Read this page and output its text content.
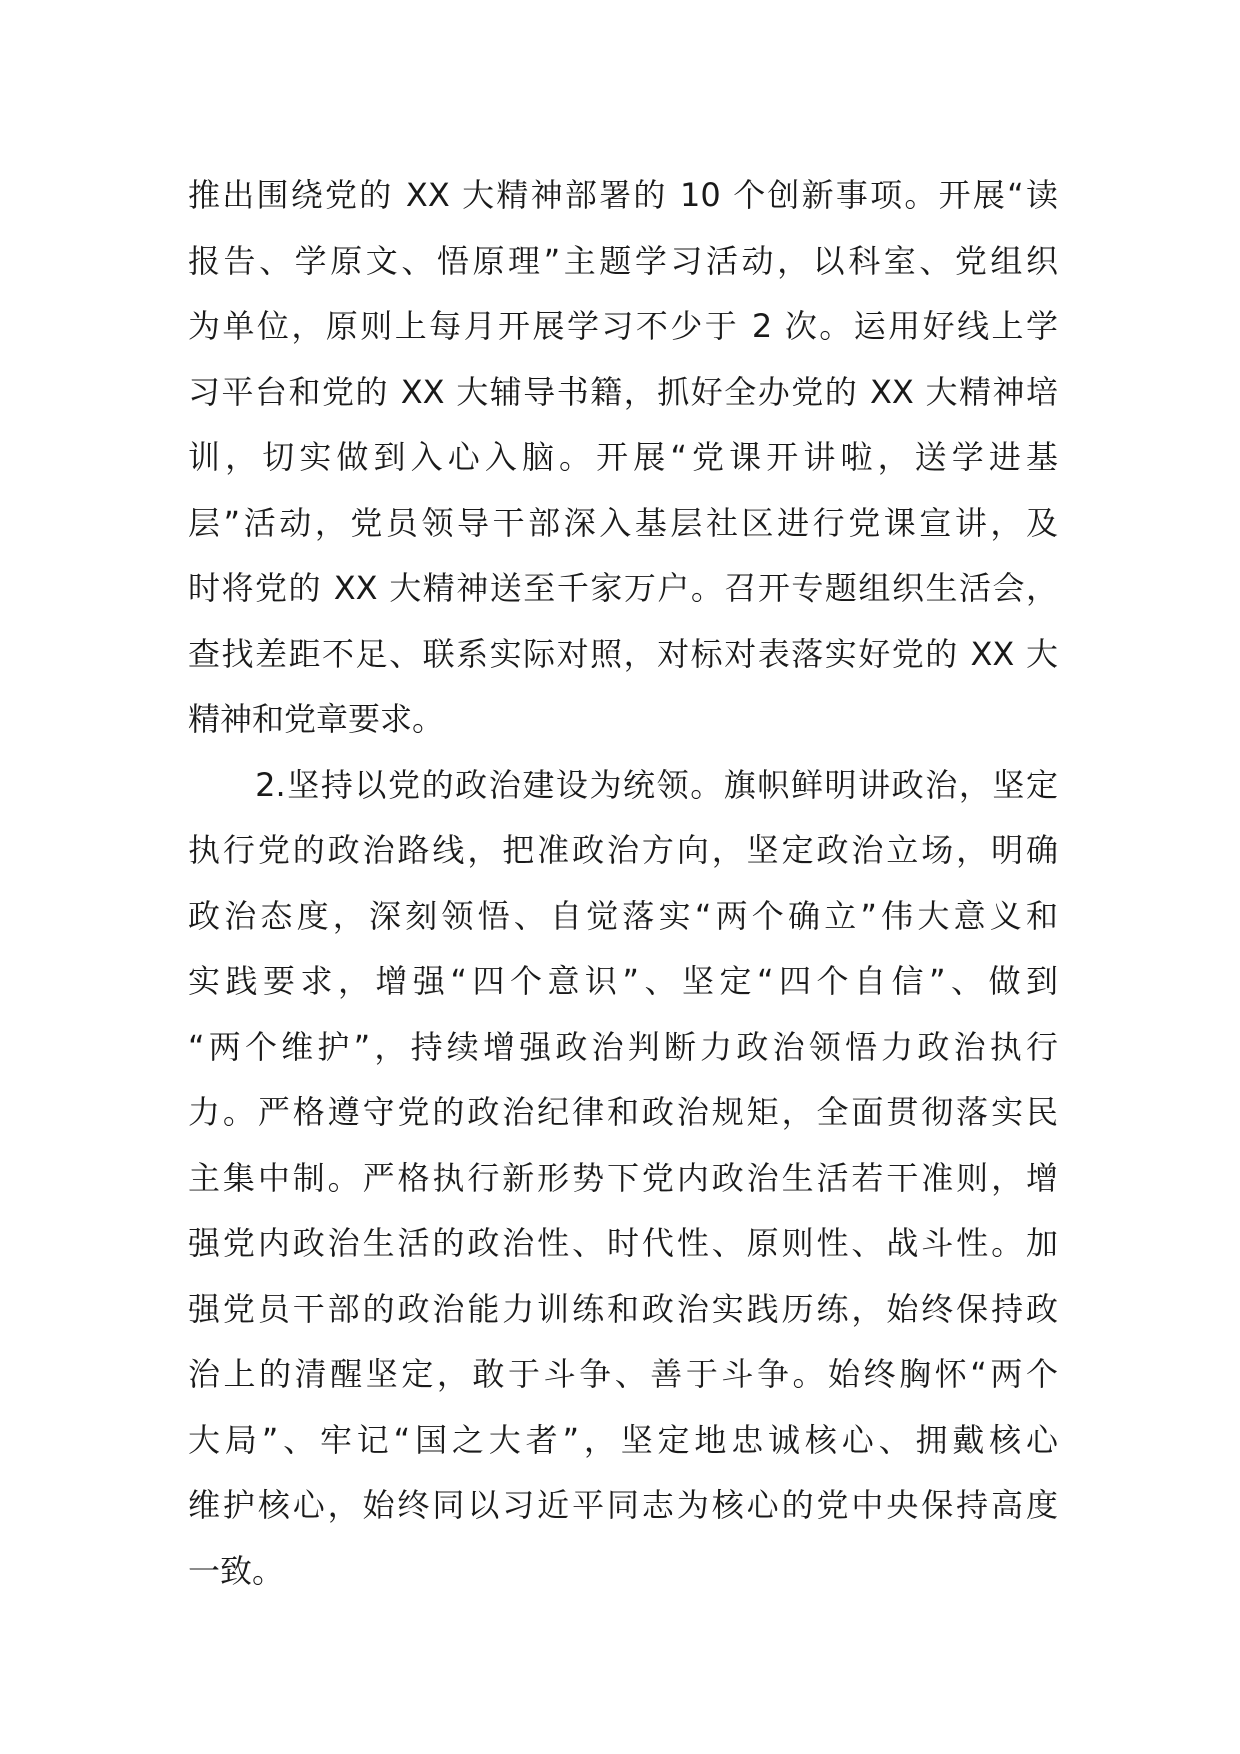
推出围绕党的 XX 大精神部署的 10 个创新事项。开展“读
报告、学原文、悟原理”主题学习活动，以科室、党组织
为单位，原则上每月开展学习不少于 2 次。运用好线上学
习平台和党的 XX 大辅导书籍，抓好全办党的 XX 大精神培
训，切实做到入心入脑。开展“党课开讲啦，送学进基
层”活动，党员领导干部深入基层社区进行党课宣讲，及
时将党的 XX 大精神送至千家万户。召开专题组织生活会，
查找差距不足、联系实际对照，对标对表落实好党的 XX 大
精神和党章要求。
　　2.坚持以党的政治建设为统领。旗帜鲜明讲政治，坚定
执行党的政治路线，把准政治方向，坚定政治立场，明确
政治态度，深刻领悟、自觉落实“两个确立”伟大意义和
实践要求，增强“四个意识”、坚定“四个自信”、做到
“两个维护”，持续增强政治判断力政治领悟力政治执行
力。严格遵守党的政治纪律和政治规矩，全面贯彻落实民
主集中制。严格执行新形势下党内政治生活若干准则，增
强党内政治生活的政治性、时代性、原则性、战斗性。加
强党员干部的政治能力训练和政治实践历练，始终保持政
治上的清醒坚定，敢于斗争、善于斗争。始终胸怀“两个
大局”、牢记“国之大者”，坚定地忠诚核心、拥戴核心
维护核心，始终同以习近平同志为核心的党中央保持高度
一致。
